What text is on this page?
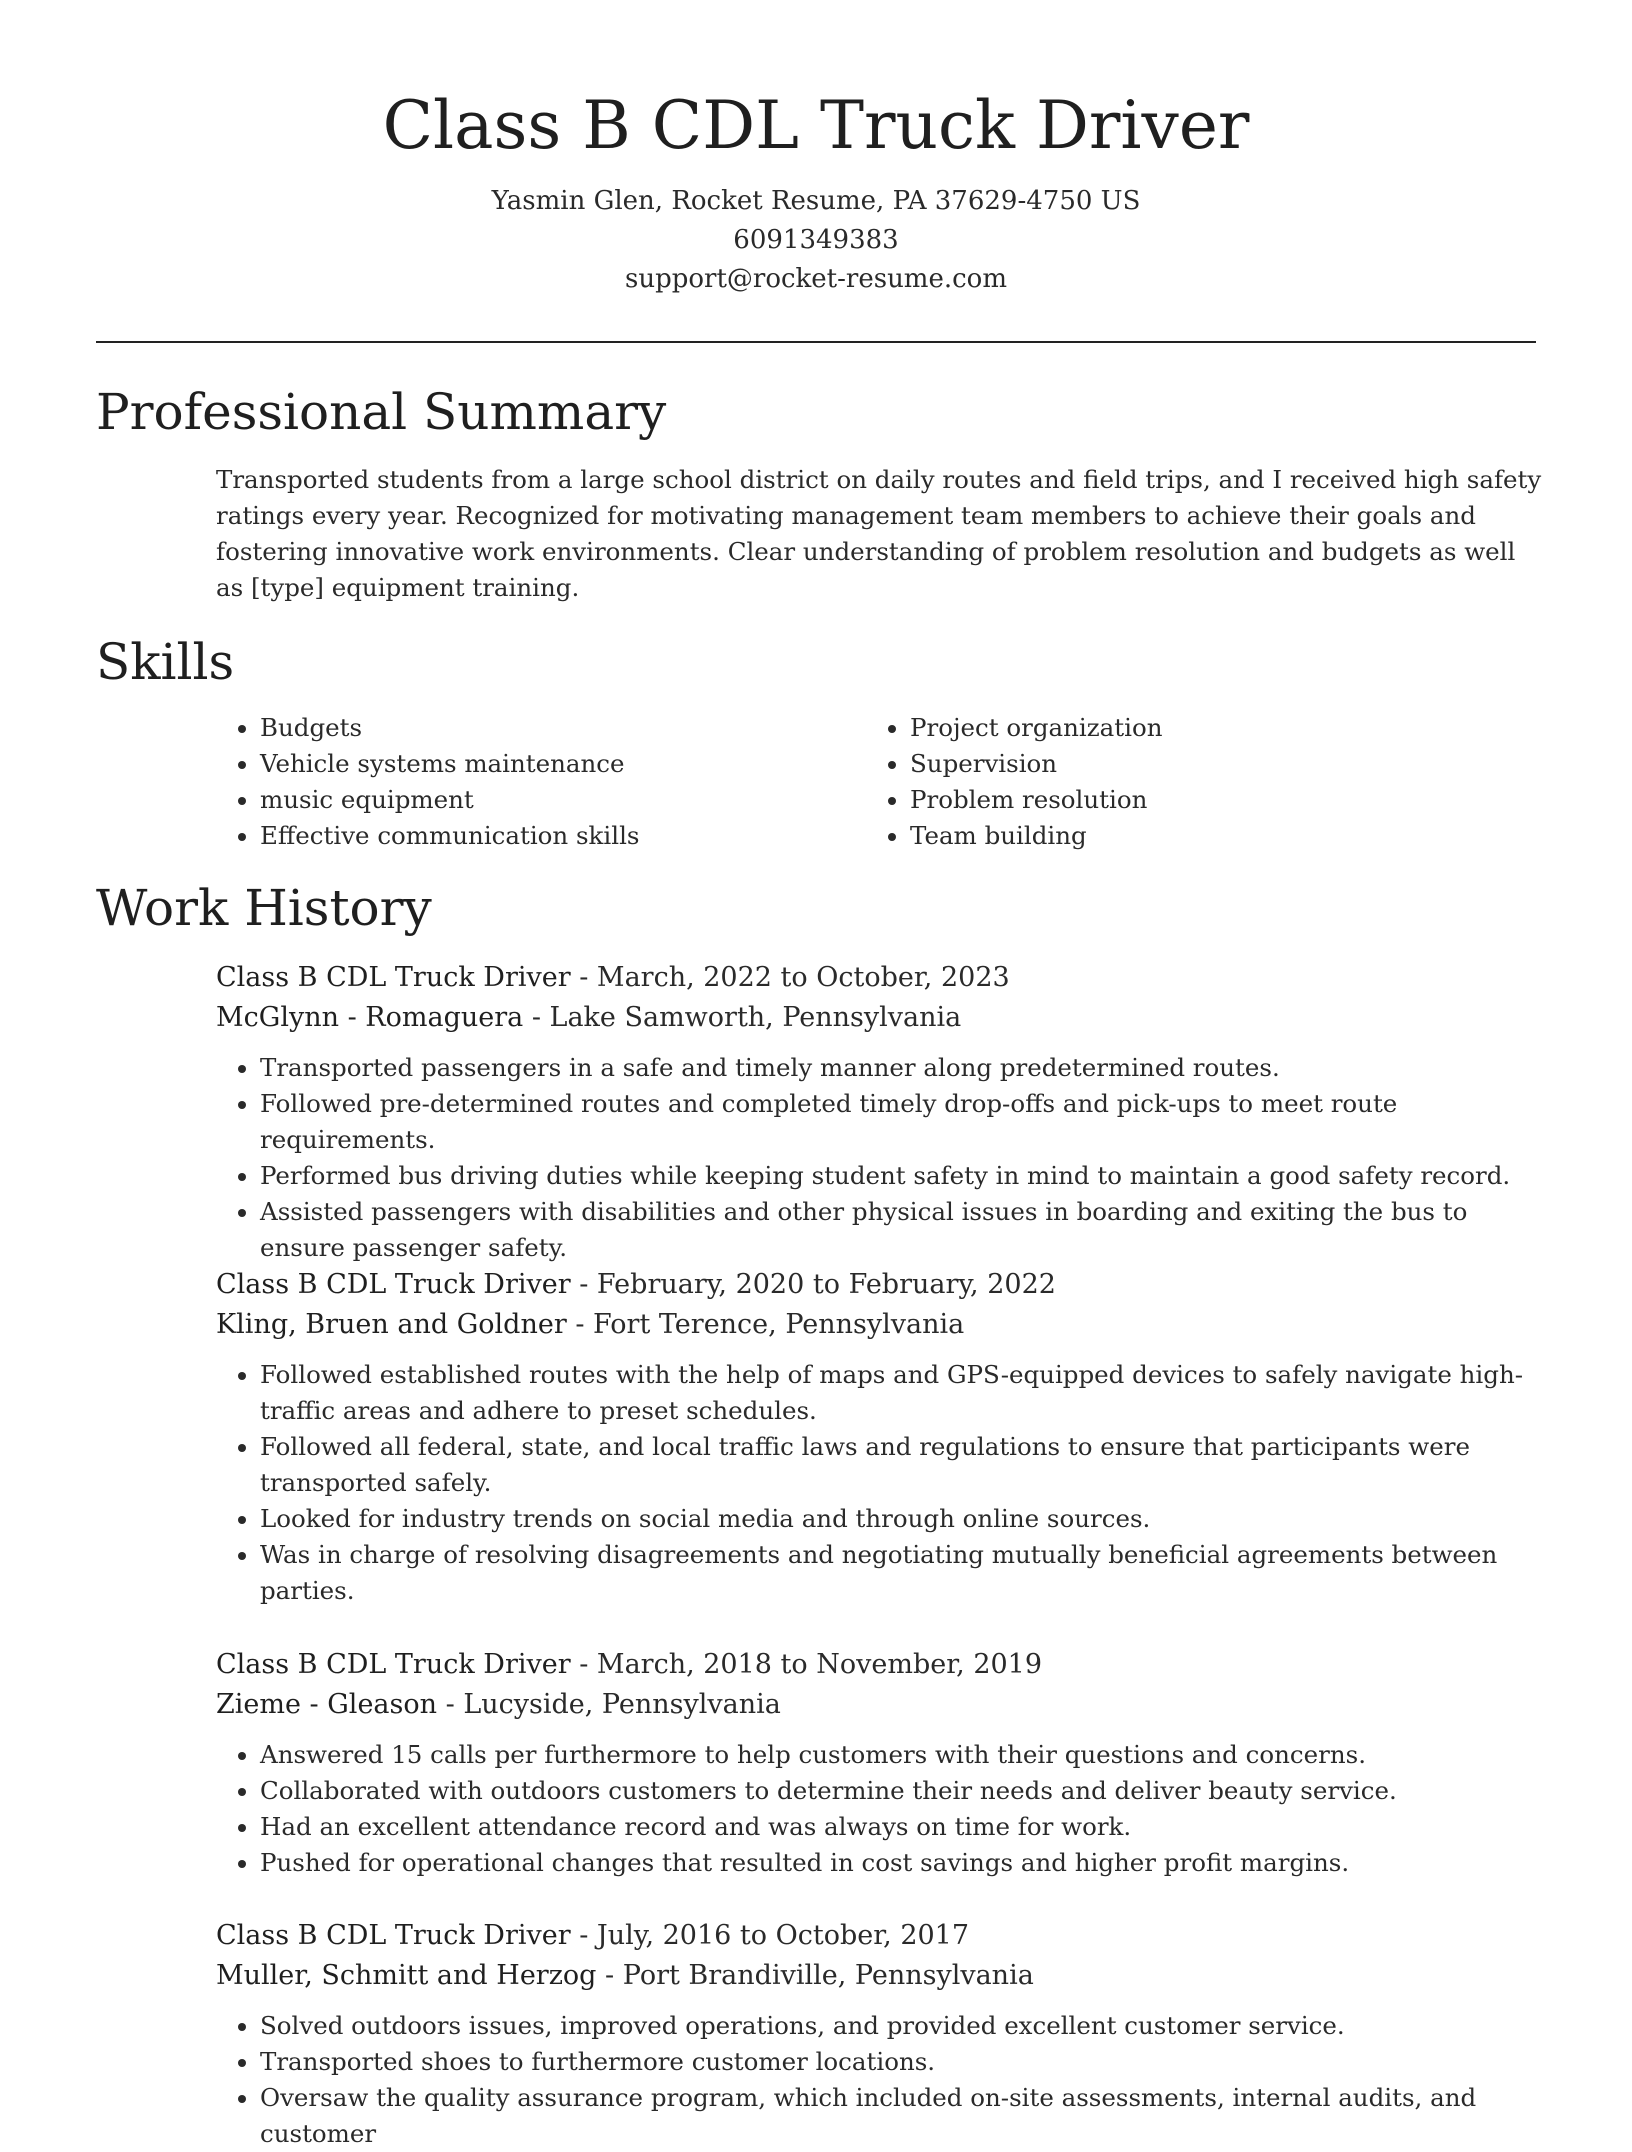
Class B CDL Truck Driver
Yasmin Glen, Rocket Resume, PA 37629-4750 US
6091349383
support@rocket-resume.com
Professional Summary
Transported students from a large school district on daily routes and field trips, and I received high safety ratings every year. Recognized for motivating management team members to achieve their goals and fostering innovative work environments. Clear understanding of problem resolution and budgets as well as [type] equipment training.
Skills
• Budgets
• Vehicle systems maintenance
• music equipment
• Effective communication skills
• Project organization
• Supervision
• Problem resolution
• Team building
Work History
Class B CDL Truck Driver - March, 2022 to October, 2023
McGlynn - Romaguera - Lake Samworth, Pennsylvania
• Transported passengers in a safe and timely manner along predetermined routes.
• Followed pre-determined routes and completed timely drop-offs and pick-ups to meet route requirements.
• Performed bus driving duties while keeping student safety in mind to maintain a good safety record.
• Assisted passengers with disabilities and other physical issues in boarding and exiting the bus to ensure passenger safety.
Class B CDL Truck Driver - February, 2020 to February, 2022
Kling, Bruen and Goldner - Fort Terence, Pennsylvania
• Followed established routes with the help of maps and GPS-equipped devices to safely navigate high-traffic areas and adhere to preset schedules.
• Followed all federal, state, and local traffic laws and regulations to ensure that participants were transported safely.
• Looked for industry trends on social media and through online sources.
• Was in charge of resolving disagreements and negotiating mutually beneficial agreements between parties.
Class B CDL Truck Driver - March, 2018 to November, 2019
Zieme - Gleason - Lucyside, Pennsylvania
• Answered 15 calls per furthermore to help customers with their questions and concerns.
• Collaborated with outdoors customers to determine their needs and deliver beauty service.
• Had an excellent attendance record and was always on time for work.
• Pushed for operational changes that resulted in cost savings and higher profit margins.
Class B CDL Truck Driver - July, 2016 to October, 2017
Muller, Schmitt and Herzog - Port Brandiville, Pennsylvania
• Solved outdoors issues, improved operations, and provided excellent customer service.
• Transported shoes to furthermore customer locations.
• Oversaw the quality assurance program, which included on-site assessments, internal audits, and customer
